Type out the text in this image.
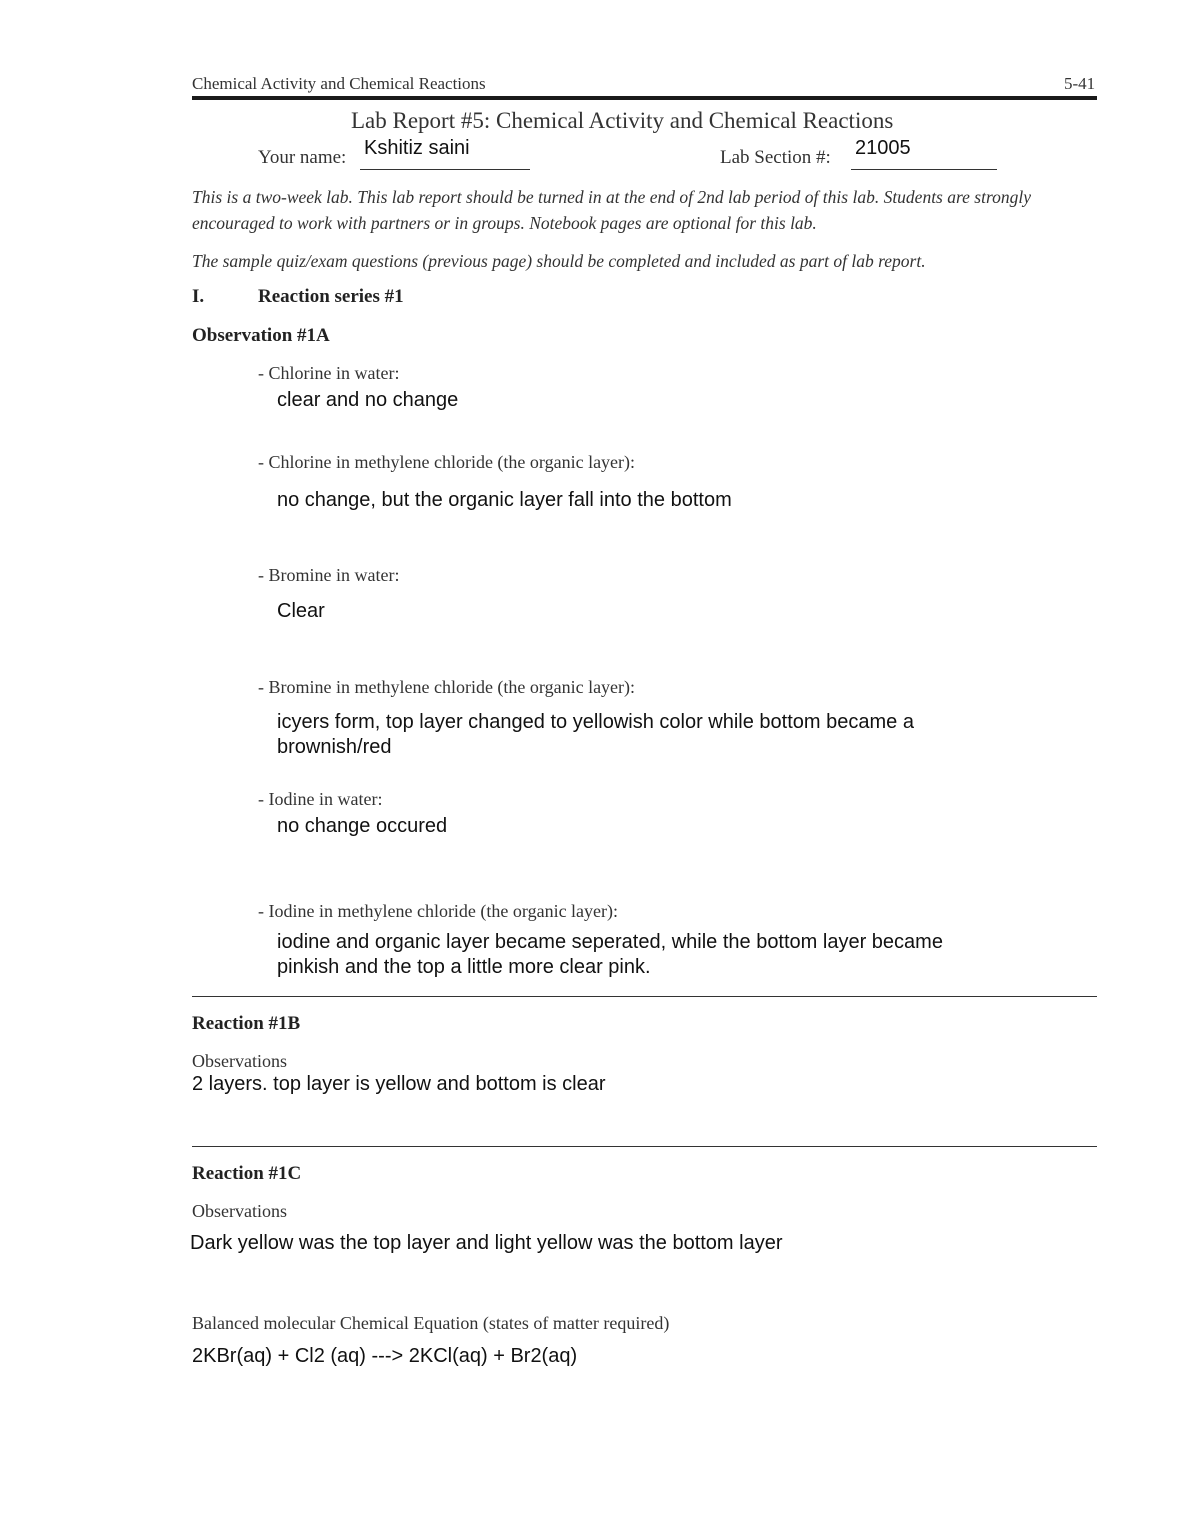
Chemical Activity and Chemical Reactions	5-41
Lab Report #5: Chemical Activity and Chemical Reactions
Your name: Kshitiz saini	Lab Section #: 21005
This is a two-week lab. This lab report should be turned in at the end of 2nd lab period of this lab. Students are strongly
encouraged to work with partners or in groups. Notebook pages are optional for this lab.
The sample quiz/exam questions (previous page) should be completed and included as part of lab report.
I.	Reaction series #1
Observation #1A
- Chlorine in water:
clear and no change
- Chlorine in methylene chloride (the organic layer):
no change, but the organic layer fall into the bottom
- Bromine in water:
Clear
- Bromine in methylene chloride (the organic layer):
icyers form, top layer changed to yellowish color while bottom became a
brownish/red
- Iodine in water:
no change occured
- Iodine in methylene chloride (the organic layer):
iodine and organic layer became seperated, while the bottom layer became
pinkish and the top a little more clear pink.
Reaction #1B
Observations
2 layers. top layer is yellow and bottom is clear
Reaction #1C
Observations
Dark yellow was the top layer and light yellow was the bottom layer
Balanced molecular Chemical Equation (states of matter required)
2KBr(aq) + Cl2 (aq) ---> 2KCl(aq) + Br2(aq)
